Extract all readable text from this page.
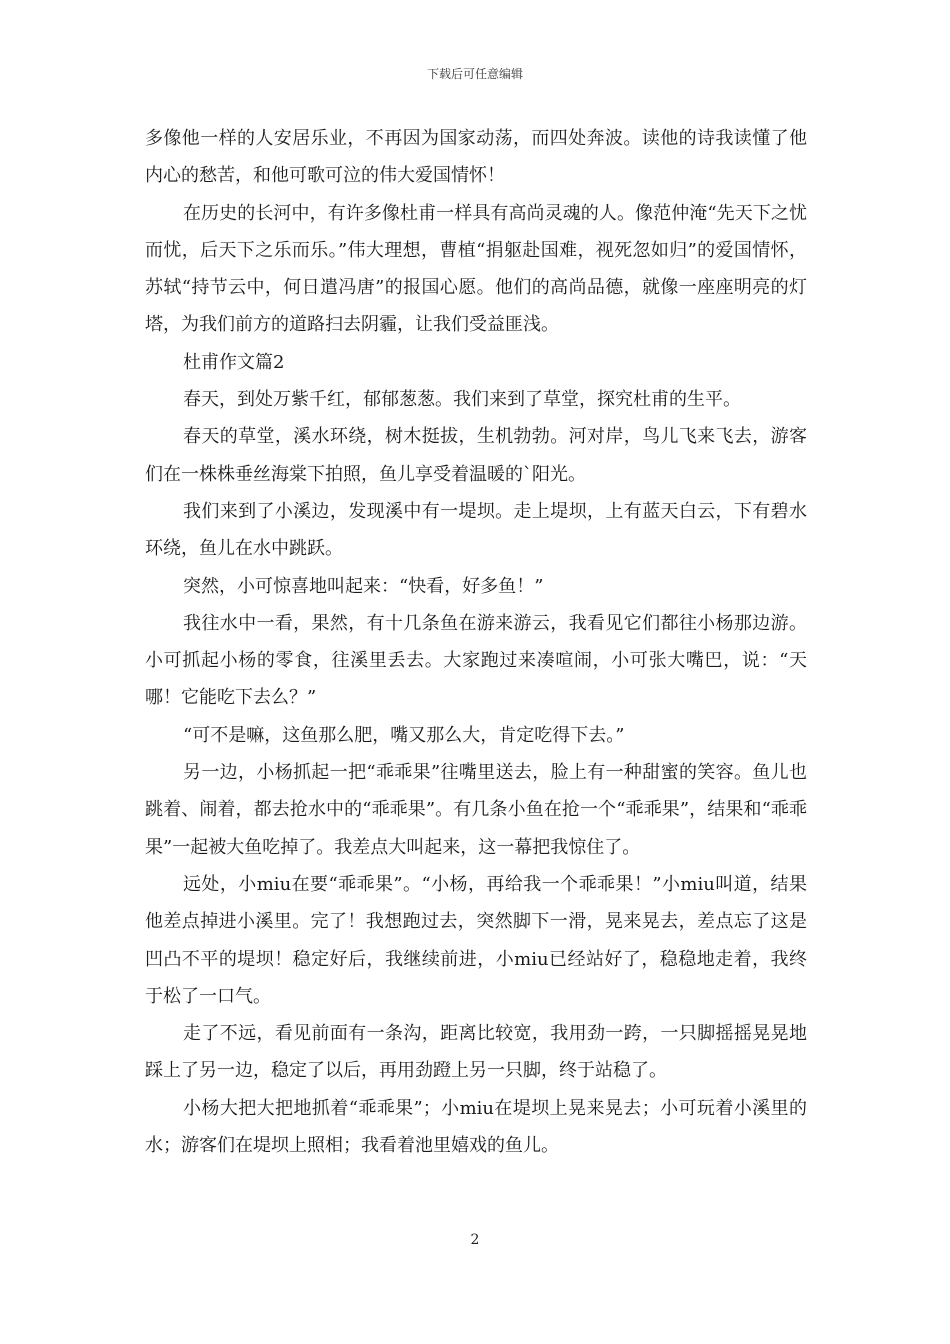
下载后可任意编辑

多像他一样的人安居乐业，不再因为国家动荡，而四处奔波。读他的诗我读懂了他内心的愁苦，和他可歌可泣的伟大爱国情怀！

在历史的长河中，有许多像杜甫一样具有高尚灵魂的人。像范仲淹“先天下之忧而忧，后天下之乐而乐。”伟大理想，曹植“捐躯赴国难，视死忽如归”的爱国情怀，苏轼“持节云中，何日遣冯唐”的报国心愿。他们的高尚品德，就像一座座明亮的灯塔，为我们前方的道路扫去阴霾，让我们受益匪浅。

杜甫作文篇2

春天，到处万紫千红，郁郁葱葱。我们来到了草堂，探究杜甫的生平。

春天的草堂，溪水环绕，树木挺拔，生机勃勃。河对岸，鸟儿飞来飞去，游客们在一株株垂丝海棠下拍照，鱼儿享受着温暖的`阳光。

我们来到了小溪边，发现溪中有一堤坝。走上堤坝，上有蓝天白云，下有碧水环绕，鱼儿在水中跳跃。

突然，小可惊喜地叫起来：“快看，好多鱼！”

我往水中一看，果然，有十几条鱼在游来游云，我看见它们都往小杨那边游。小可抓起小杨的零食，往溪里丢去。大家跑过来凑喧闹，小可张大嘴巴，说：“天哪！它能吃下去么？”

“可不是嘛，这鱼那么肥，嘴又那么大，肯定吃得下去。”

另一边，小杨抓起一把“乖乖果”往嘴里送去，脸上有一种甜蜜的笑容。鱼儿也跳着、闹着，都去抢水中的“乖乖果”。有几条小鱼在抢一个“乖乖果”，结果和“乖乖果”一起被大鱼吃掉了。我差点大叫起来，这一幕把我惊住了。

远处，小miu在要“乖乖果”。“小杨，再给我一个乖乖果！”小miu叫道，结果他差点掉进小溪里。完了！我想跑过去，突然脚下一滑，晃来晃去，差点忘了这是凹凸不平的堤坝！稳定好后，我继续前进，小miu已经站好了，稳稳地走着，我终于松了一口气。

走了不远，看见前面有一条沟，距离比较宽，我用劲一跨，一只脚摇摇晃晃地踩上了另一边，稳定了以后，再用劲蹬上另一只脚，终于站稳了。

小杨大把大把地抓着“乖乖果”；小miu在堤坝上晃来晃去；小可玩着小溪里的水；游客们在堤坝上照相；我看着池里嬉戏的鱼儿。

2
